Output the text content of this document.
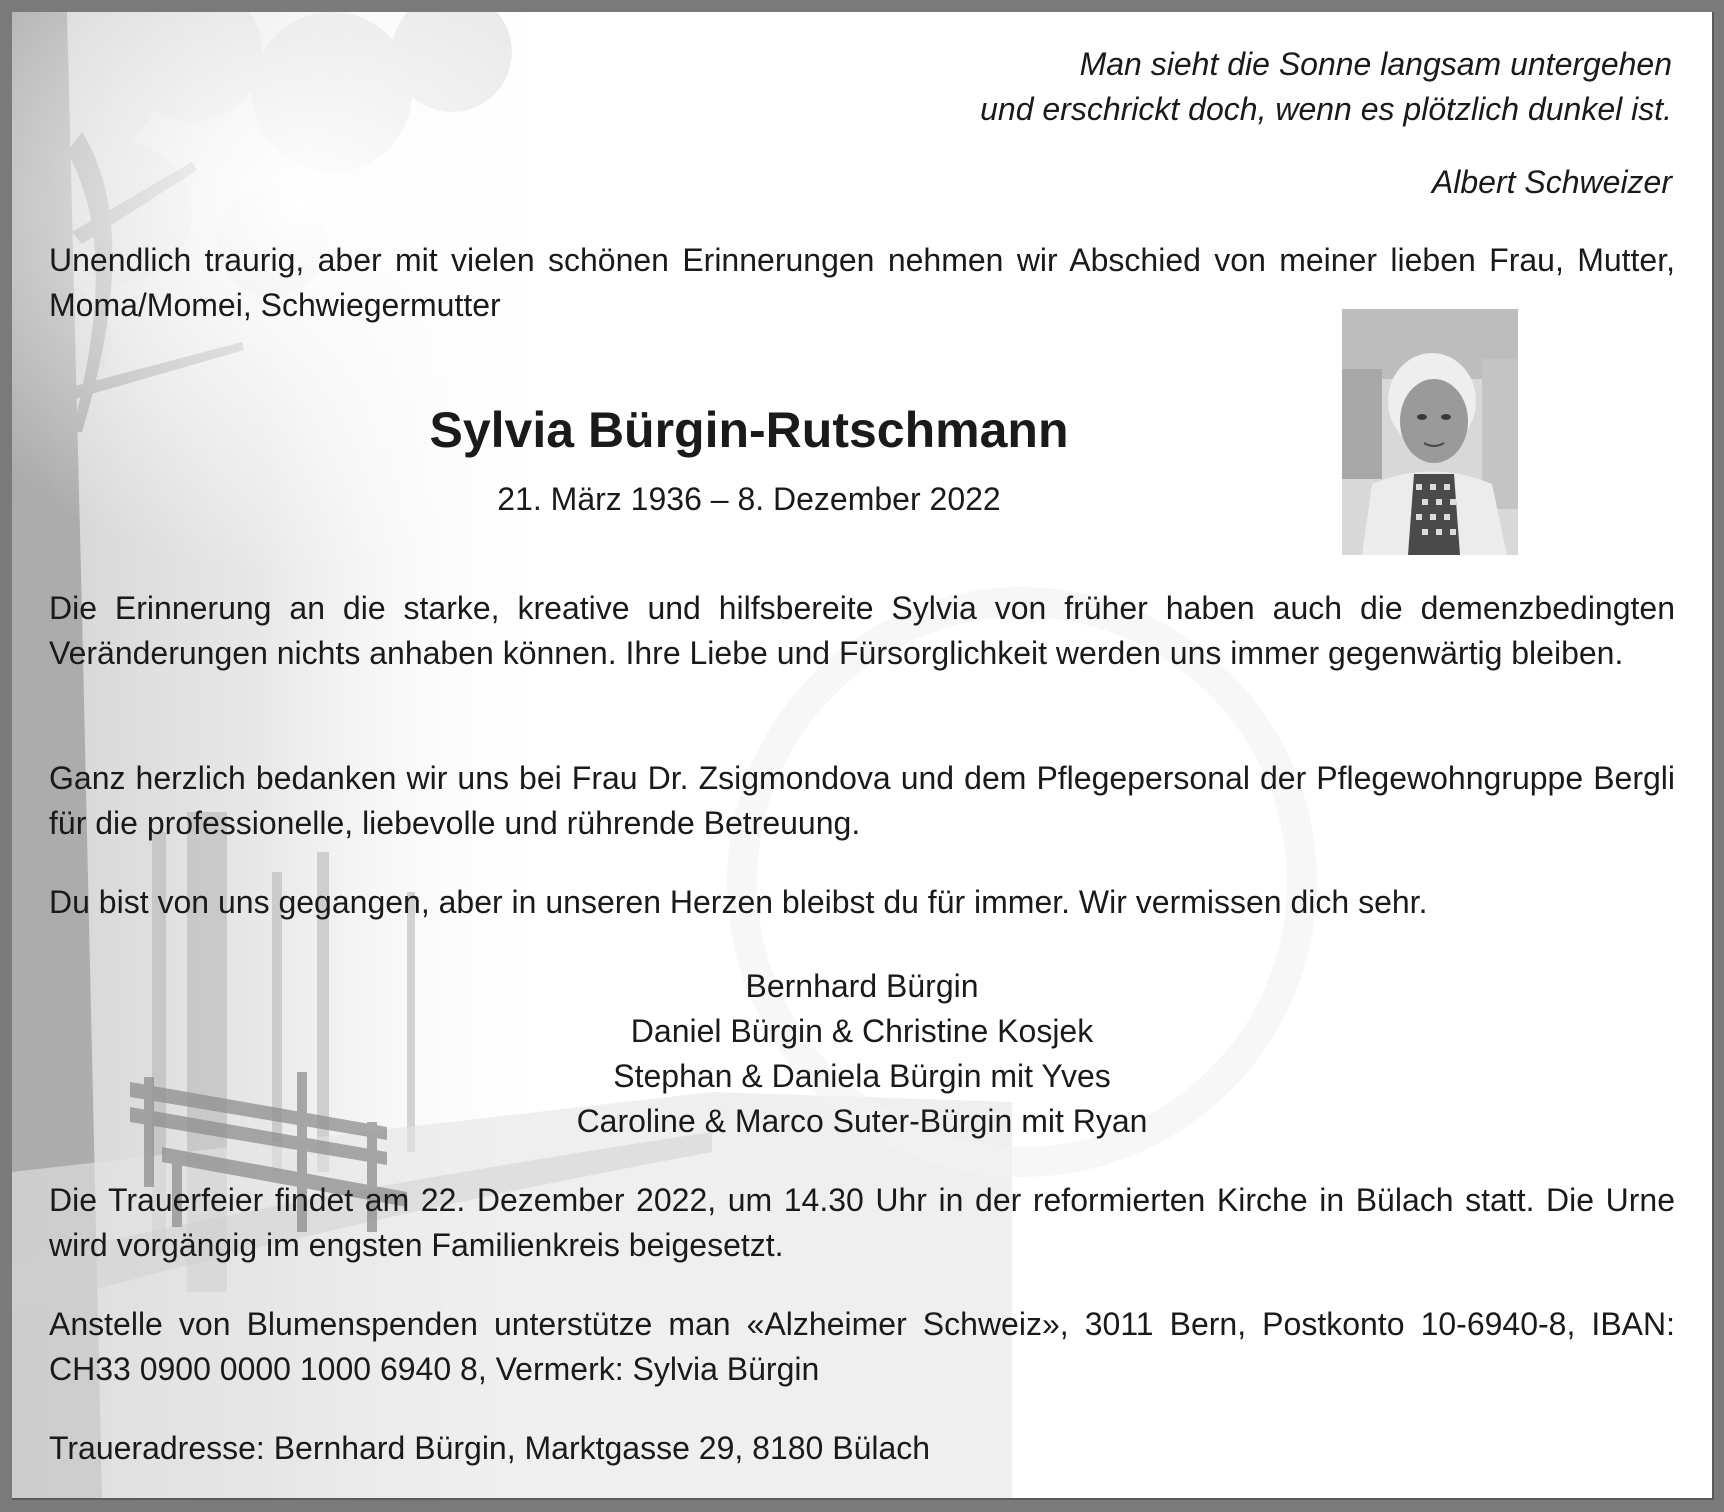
Man sieht die Sonne langsam untergehen
und erschrickt doch, wenn es plötzlich dunkel ist.
Albert Schweizer
Unendlich traurig, aber mit vielen schönen Erinnerungen nehmen wir Abschied von meiner lieben Frau, Mutter, Moma/Momei, Schwiegermutter
Sylvia Bürgin-Rutschmann
21. März 1936 – 8. Dezember 2022
Die Erinnerung an die starke, kreative und hilfsbereite Sylvia von früher haben auch die demenzbedingten Veränderungen nichts anhaben können. Ihre Liebe und Fürsorglichkeit werden uns immer gegenwärtig bleiben.
Ganz herzlich bedanken wir uns bei Frau Dr. Zsigmondova und dem Pflegepersonal der Pflegewohngruppe Bergli für die professionelle, liebevolle und rührende Betreuung.
Du bist von uns gegangen, aber in unseren Herzen bleibst du für immer. Wir vermissen dich sehr.
Bernhard Bürgin
Daniel Bürgin & Christine Kosjek
Stephan & Daniela Bürgin mit Yves
Caroline & Marco Suter-Bürgin mit Ryan
Die Trauerfeier findet am 22. Dezember 2022, um 14.30 Uhr in der reformierten Kirche in Bülach statt. Die Urne wird vorgängig im engsten Familienkreis beigesetzt.
Anstelle von Blumenspenden unterstütze man «Alzheimer Schweiz», 3011 Bern, Postkonto 10-6940-8, IBAN: CH33 0900 0000 1000 6940 8, Vermerk: Sylvia Bürgin
Traueradresse: Bernhard Bürgin, Marktgasse 29, 8180 Bülach
